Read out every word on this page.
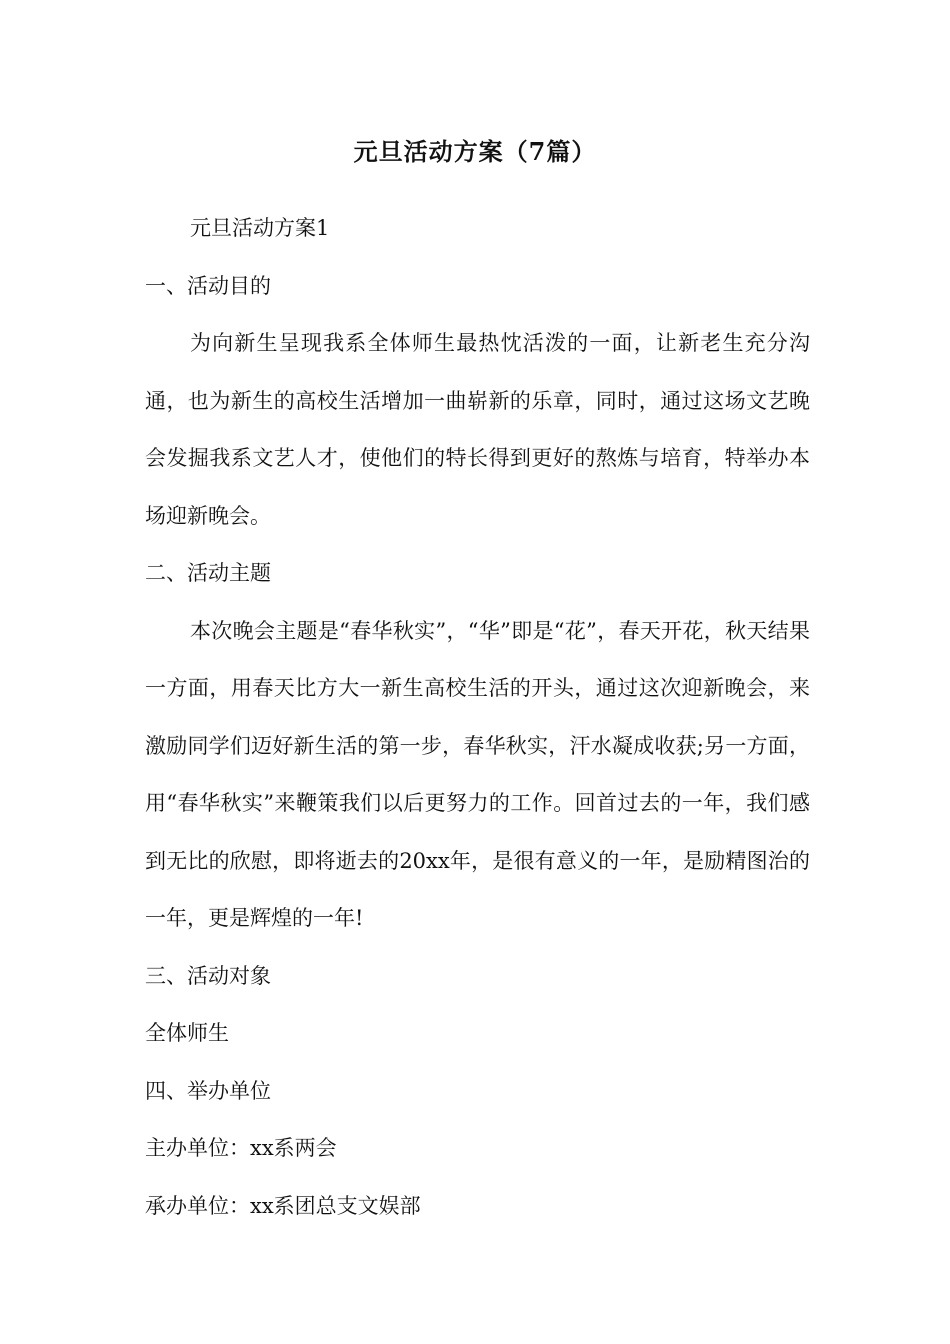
元旦活动方案（7篇）

元旦活动方案1

一、活动目的

为向新生呈现我系全体师生最热忱活泼的一面，让新老生充分沟通，也为新生的高校生活增加一曲崭新的乐章，同时，通过这场文艺晚会发掘我系文艺人才，使他们的特长得到更好的熬炼与培育，特举办本场迎新晚会。

二、活动主题

本次晚会主题是“春华秋实”，“华”即是“花”，春天开花，秋天结果一方面，用春天比方大一新生高校生活的开头，通过这次迎新晚会，来激励同学们迈好新生活的第一步，春华秋实，汗水凝成收获;另一方面，用“春华秋实”来鞭策我们以后更努力的工作。回首过去的一年，我们感到无比的欣慰，即将逝去的20xx年，是很有意义的一年，是励精图治的一年，更是辉煌的一年!

三、活动对象

全体师生

四、举办单位

主办单位：xx系两会

承办单位：xx系团总支文娱部
